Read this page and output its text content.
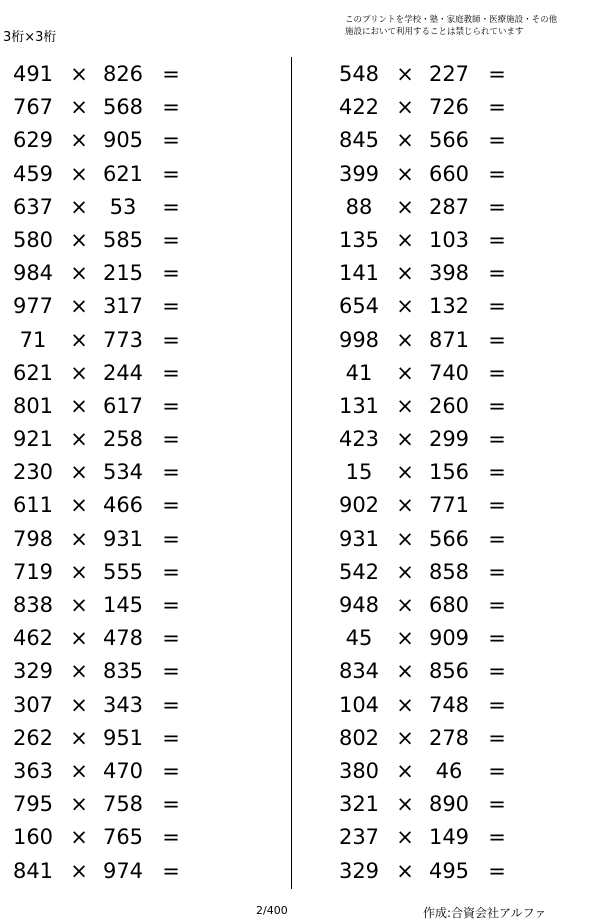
3桁×3桁
このプリントを学校・塾・家庭教師・医療施設・その他
施設において利用することは禁じられています
491 × 826 =
767 × 568 =
629 × 905 =
459 × 621 =
637 ×	53	=
580 × 585 =
984 × 215 =
977 × 317 =
71	× 773 =
621 × 244 =
801 × 617 =
921 × 258 =
230 × 534 =
611 × 466 =
798 × 931 =
719 × 555 =
838 × 145 =
462 × 478 =
329 × 835 =
307 × 343 =
262 × 951 =
363 × 470 =
795 × 758 =
160 × 765 =
841 × 974 =
548 × 227 =
422 × 726 =
845 × 566 =
399 × 660 =
88	× 287 =
135 × 103 =
141 × 398 =
654 × 132 =
998 × 871 =
41	× 740 =
131 × 260 =
423 × 299 =
15	× 156 =
902 × 771 =
931 × 566 =
542 × 858 =
948 × 680 =
45	× 909 =
834 × 856 =
104 × 748 =
802 × 278 =
380 ×	46	=
321 × 890 =
237 × 149 =
329 × 495 =
2/400	作成:合資会社アルファ
